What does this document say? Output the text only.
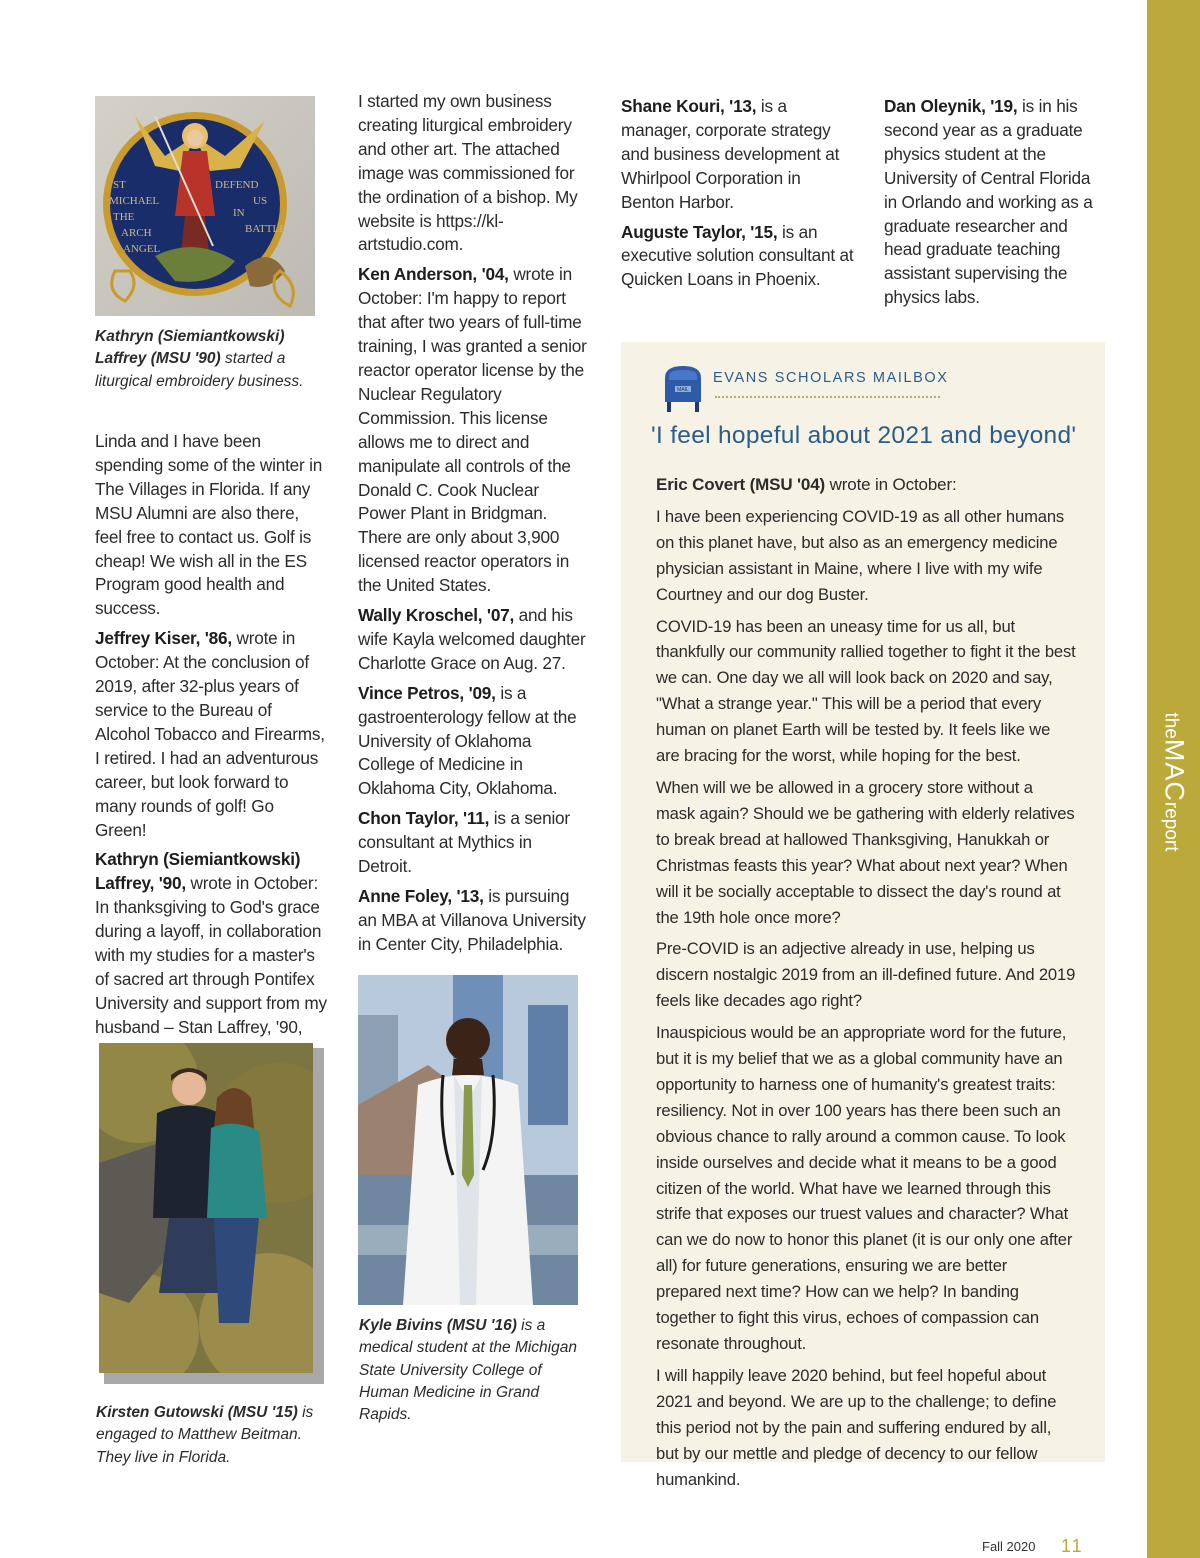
theMACreport
ST
MICHAEL
THE
ARCH
ANGEL
DEFEND
US
IN
BATTLE
Kathryn (Siemiantkowski) Laffrey (MSU '90) started a liturgical embroidery business.

Linda and I have been spending some of the winter in The Villages in Florida. If any MSU Alumni are also there, feel free to contact us. Golf is cheap! We wish all in the ES Program good health and success.

Jeffrey Kiser, '86, wrote in October: At the conclusion of 2019, after 32-plus years of service to the Bureau of Alcohol Tobacco and Firearms, I retired. I had an adventurous career, but look forward to many rounds of golf! Go Green!

Kathryn (Siemiantkowski) Laffrey, '90, wrote in October: In thanksgiving to God's grace during a layoff, in collaboration with my studies for a master's of sacred art through Pontifex University and support from my husband – Stan Laffrey, '90,

Kirsten Gutowski (MSU '15) is engaged to Matthew Beitman. They live in Florida.

I started my own business creating liturgical embroidery and other art. The attached image was commissioned for the ordination of a bishop. My website is https://kl-artstudio.com.

Ken Anderson, '04, wrote in October: I'm happy to report that after two years of full-time training, I was granted a senior reactor operator license by the Nuclear Regulatory Commission. This license allows me to direct and manipulate all controls of the Donald C. Cook Nuclear Power Plant in Bridgman. There are only about 3,900 licensed reactor operators in the United States.

Wally Kroschel, '07, and his wife Kayla welcomed daughter Charlotte Grace on Aug. 27.

Vince Petros, '09, is a gastroenterology fellow at the University of Oklahoma College of Medicine in Oklahoma City, Oklahoma.

Chon Taylor, '11, is a senior consultant at Mythics in Detroit.

Anne Foley, '13, is pursuing an MBA at Villanova University in Center City, Philadelphia.

Kyle Bivins (MSU '16) is a medical student at the Michigan State University College of Human Medicine in Grand Rapids.

Shane Kouri, '13, is a manager, corporate strategy and business development at Whirlpool Corporation in Benton Harbor.

Auguste Taylor, '15, is an executive solution consultant at Quicken Loans in Phoenix.

Dan Oleynik, '19, is in his second year as a graduate physics student at the University of Central Florida in Orlando and working as a graduate researcher and head graduate teaching assistant supervising the physics labs.

MAIL
EVANS SCHOLARS MAILBOX
'I feel hopeful about 2021 and beyond'

Eric Covert (MSU '04) wrote in October:

I have been experiencing COVID-19 as all other humans on this planet have, but also as an emergency medicine physician assistant in Maine, where I live with my wife Courtney and our dog Buster.

COVID-19 has been an uneasy time for us all, but thankfully our community rallied together to fight it the best we can. One day we all will look back on 2020 and say, "What a strange year." This will be a period that every human on planet Earth will be tested by. It feels like we are bracing for the worst, while hoping for the best.

When will we be allowed in a grocery store without a mask again? Should we be gathering with elderly relatives to break bread at hallowed Thanksgiving, Hanukkah or Christmas feasts this year? What about next year? When will it be socially acceptable to dissect the day's round at the 19th hole once more?

Pre-COVID is an adjective already in use, helping us discern nostalgic 2019 from an ill-defined future. And 2019 feels like decades ago right?

Inauspicious would be an appropriate word for the future, but it is my belief that we as a global community have an opportunity to harness one of humanity's greatest traits: resiliency. Not in over 100 years has there been such an obvious chance to rally around a common cause. To look inside ourselves and decide what it means to be a good citizen of the world. What have we learned through this strife that exposes our truest values and character? What can we do now to honor this planet (it is our only one after all) for future generations, ensuring we are better prepared next time? How can we help? In banding together to fight this virus, echoes of compassion can resonate throughout.

I will happily leave 2020 behind, but feel hopeful about 2021 and beyond. We are up to the challenge; to define this period not by the pain and suffering endured by all, but by our mettle and pledge of decency to our fellow humankind.

Fall 2020 11
